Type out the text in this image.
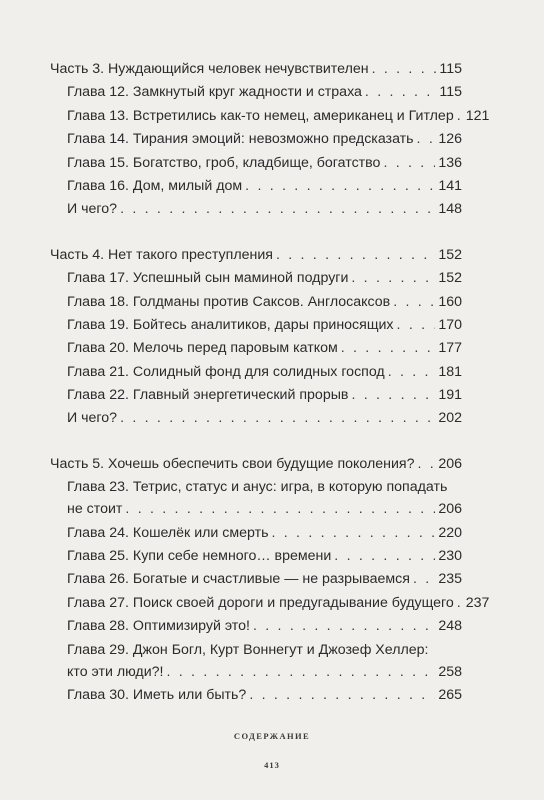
Часть 3. Нуждающийся человек нечувствителен . . .	115
Глава 12. Замкнутый круг жадности и страха . . .	115
Глава 13. Встретились как-то немец, американец и Гитлер . . . 121
Глава 14. Тирания эмоций: невозможно предсказать . . . 126
Глава 15. Богатство, гроб, кладбище, богатство . . .	136
Глава 16. Дом, милый дом . . .	141
И чего? . . .	148
Часть 4. Нет такого преступления . . .	152
Глава 17. Успешный сын маминой подруги . . .	152
Глава 18. Голдманы против Саксов. Англосаксов . . .	160
Глава 19. Бойтесь аналитиков, дары приносящих . . .	170
Глава 20. Мелочь перед паровым катком . . .	177
Глава 21. Солидный фонд для солидных господ . . .	181
Глава 22. Главный энергетический прорыв . . .	191
И чего? . . .	202
Часть 5. Хочешь обеспечить свои будущие поколения? . . . 206
Глава 23. Тетрис, статус и анус: игра, в которую попадать
не стоит . . .	206
Глава 24. Кошелёк или смерть . . .	220
Глава 25. Купи себе немного… времени . . .	230
Глава 26. Богатые и счастливые — не разрываемся . . . 235
Глава 27. Поиск своей дороги и предугадывание будущего . . . 237
Глава 28. Оптимизируй это! . . .	248
Глава 29. Джон Богл, Курт Воннегут и Джозеф Хеллер:
кто эти люди?! . . .	258
Глава 30. Иметь или быть? . . .	265
СОДЕРЖАНИЕ
413
